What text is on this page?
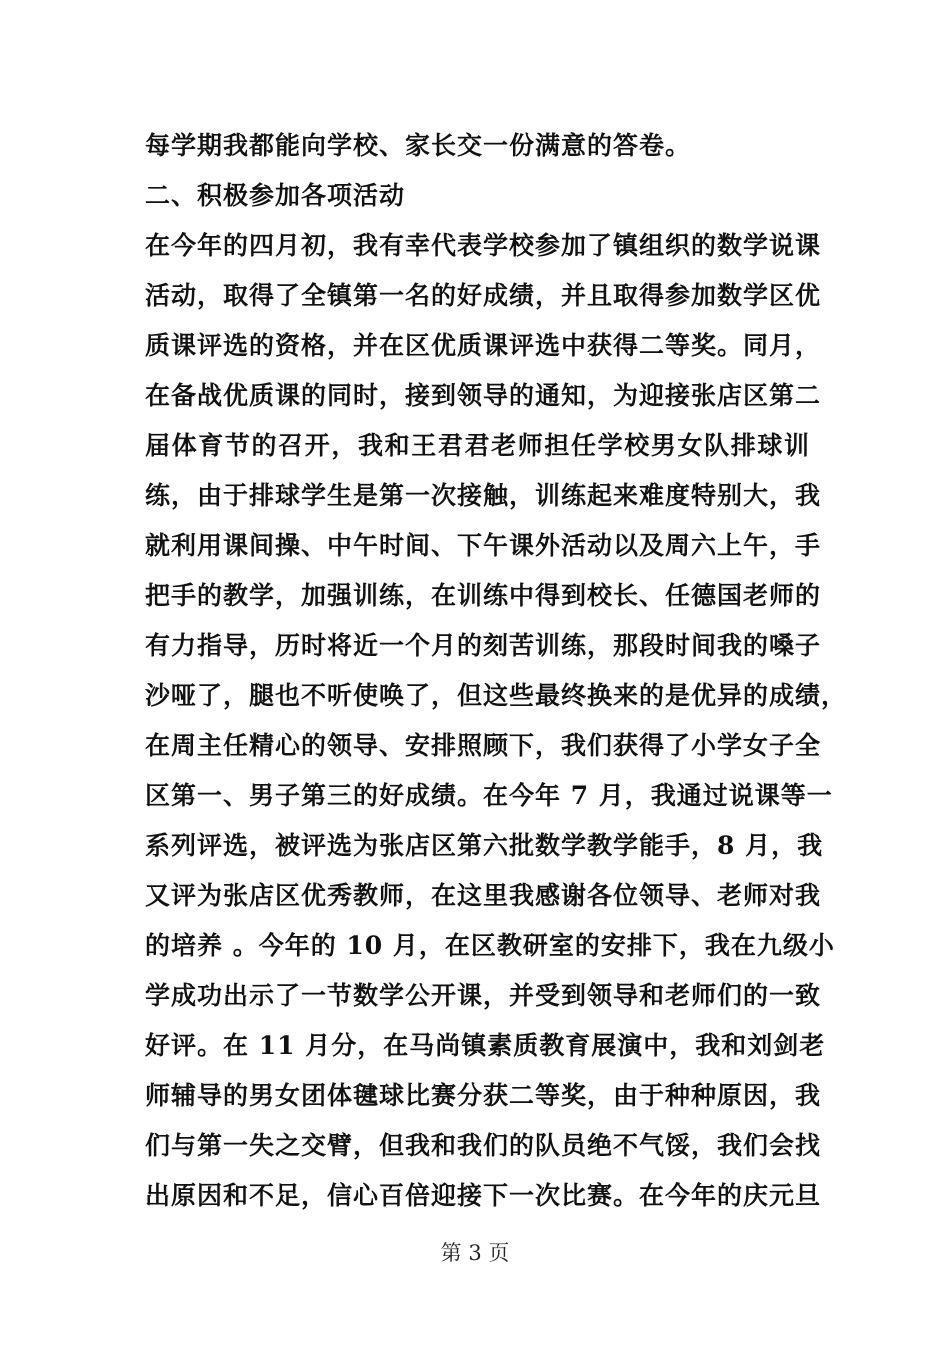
每学期我都能向学校、家长交一份满意的答卷。
二、积极参加各项活动
在今年的四月初，我有幸代表学校参加了镇组织的数学说课
活动，取得了全镇第一名的好成绩，并且取得参加数学区优
质课评选的资格，并在区优质课评选中获得二等奖。同月，
在备战优质课的同时，接到领导的通知，为迎接张店区第二
届体育节的召开，我和王君君老师担任学校男女队排球训
练，由于排球学生是第一次接触，训练起来难度特别大，我
就利用课间操、中午时间、下午课外活动以及周六上午，手
把手的教学，加强训练，在训练中得到校长、任德国老师的
有力指导，历时将近一个月的刻苦训练，那段时间我的嗓子
沙哑了，腿也不听使唤了，但这些最终换来的是优异的成绩，
在周主任精心的领导、安排照顾下，我们获得了小学女子全
区第一、男子第三的好成绩。在今年 7 月，我通过说课等一
系列评选，被评选为张店区第六批数学教学能手，8 月，我
又评为张店区优秀教师，在这里我感谢各位领导、老师对我
的培养 。今年的 10 月，在区教研室的安排下，我在九级小
学成功出示了一节数学公开课，并受到领导和老师们的一致
好评。在 11 月分，在马尚镇素质教育展演中，我和刘剑老
师辅导的男女团体毽球比赛分获二等奖，由于种种原因，我
们与第一失之交臂，但我和我们的队员绝不气馁，我们会找
出原因和不足，信心百倍迎接下一次比赛。在今年的庆元旦
第 3 页
